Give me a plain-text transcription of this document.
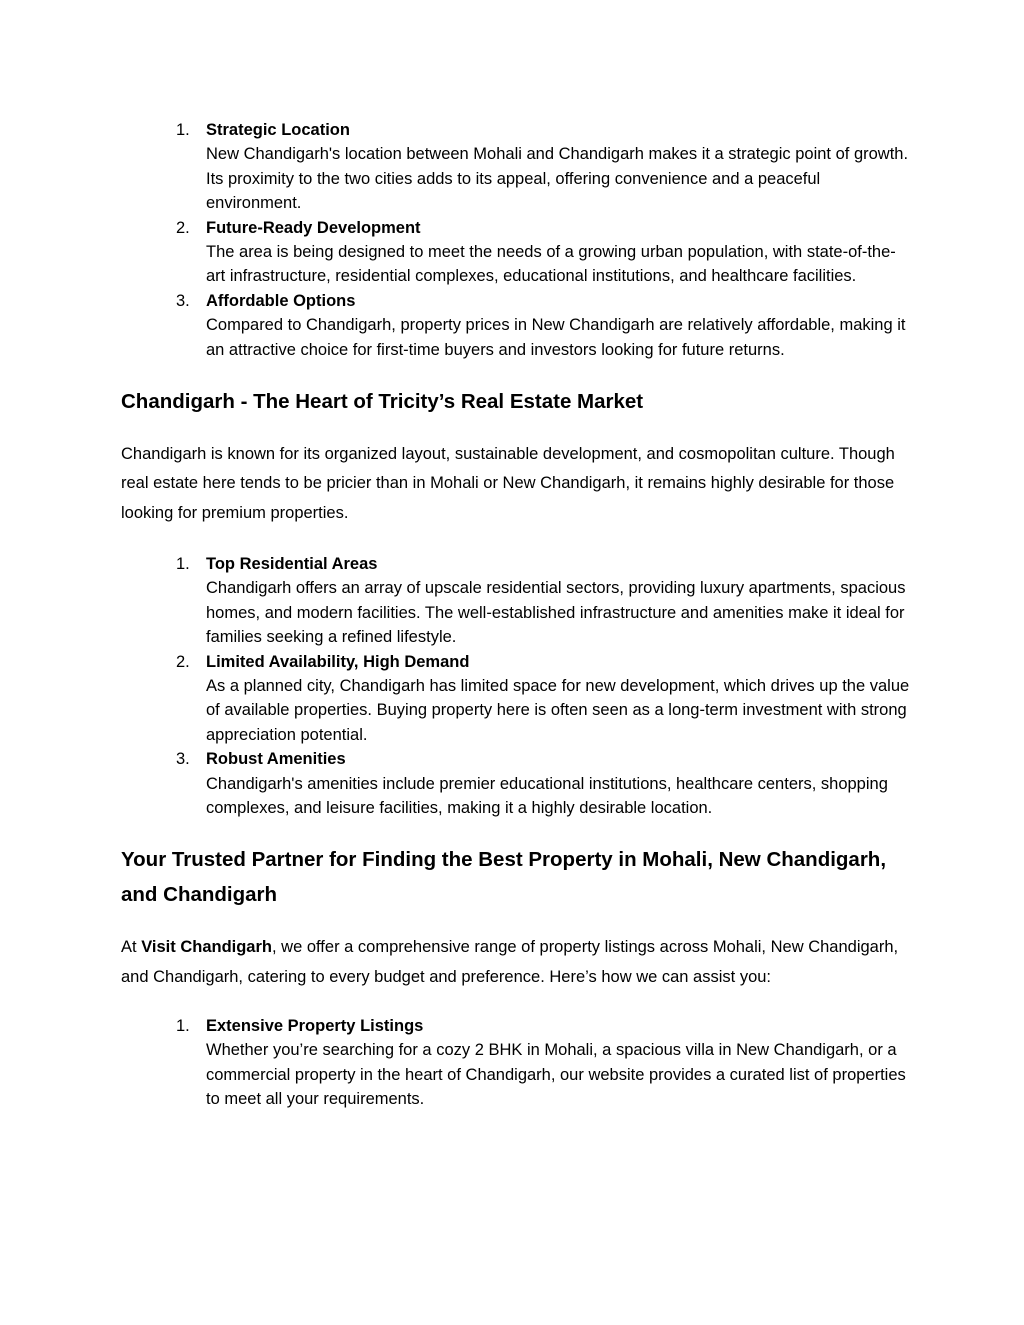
1. Strategic Location
New Chandigarh's location between Mohali and Chandigarh makes it a strategic point of growth. Its proximity to the two cities adds to its appeal, offering convenience and a peaceful environment.
2. Future-Ready Development
The area is being designed to meet the needs of a growing urban population, with state-of-the-art infrastructure, residential complexes, educational institutions, and healthcare facilities.
3. Affordable Options
Compared to Chandigarh, property prices in New Chandigarh are relatively affordable, making it an attractive choice for first-time buyers and investors looking for future returns.
Chandigarh - The Heart of Tricity’s Real Estate Market

Chandigarh is known for its organized layout, sustainable development, and cosmopolitan culture. Though real estate here tends to be pricier than in Mohali or New Chandigarh, it remains highly desirable for those looking for premium properties.

1. Top Residential Areas
Chandigarh offers an array of upscale residential sectors, providing luxury apartments, spacious homes, and modern facilities. The well-established infrastructure and amenities make it ideal for families seeking a refined lifestyle.
2. Limited Availability, High Demand
As a planned city, Chandigarh has limited space for new development, which drives up the value of available properties. Buying property here is often seen as a long-term investment with strong appreciation potential.
3. Robust Amenities
Chandigarh's amenities include premier educational institutions, healthcare centers, shopping complexes, and leisure facilities, making it a highly desirable location.
Your Trusted Partner for Finding the Best Property in Mohali, New Chandigarh, and Chandigarh

At Visit Chandigarh, we offer a comprehensive range of property listings across Mohali, New Chandigarh, and Chandigarh, catering to every budget and preference. Here’s how we can assist you:

1. Extensive Property Listings
Whether you’re searching for a cozy 2 BHK in Mohali, a spacious villa in New Chandigarh, or a commercial property in the heart of Chandigarh, our website provides a curated list of properties to meet all your requirements.
